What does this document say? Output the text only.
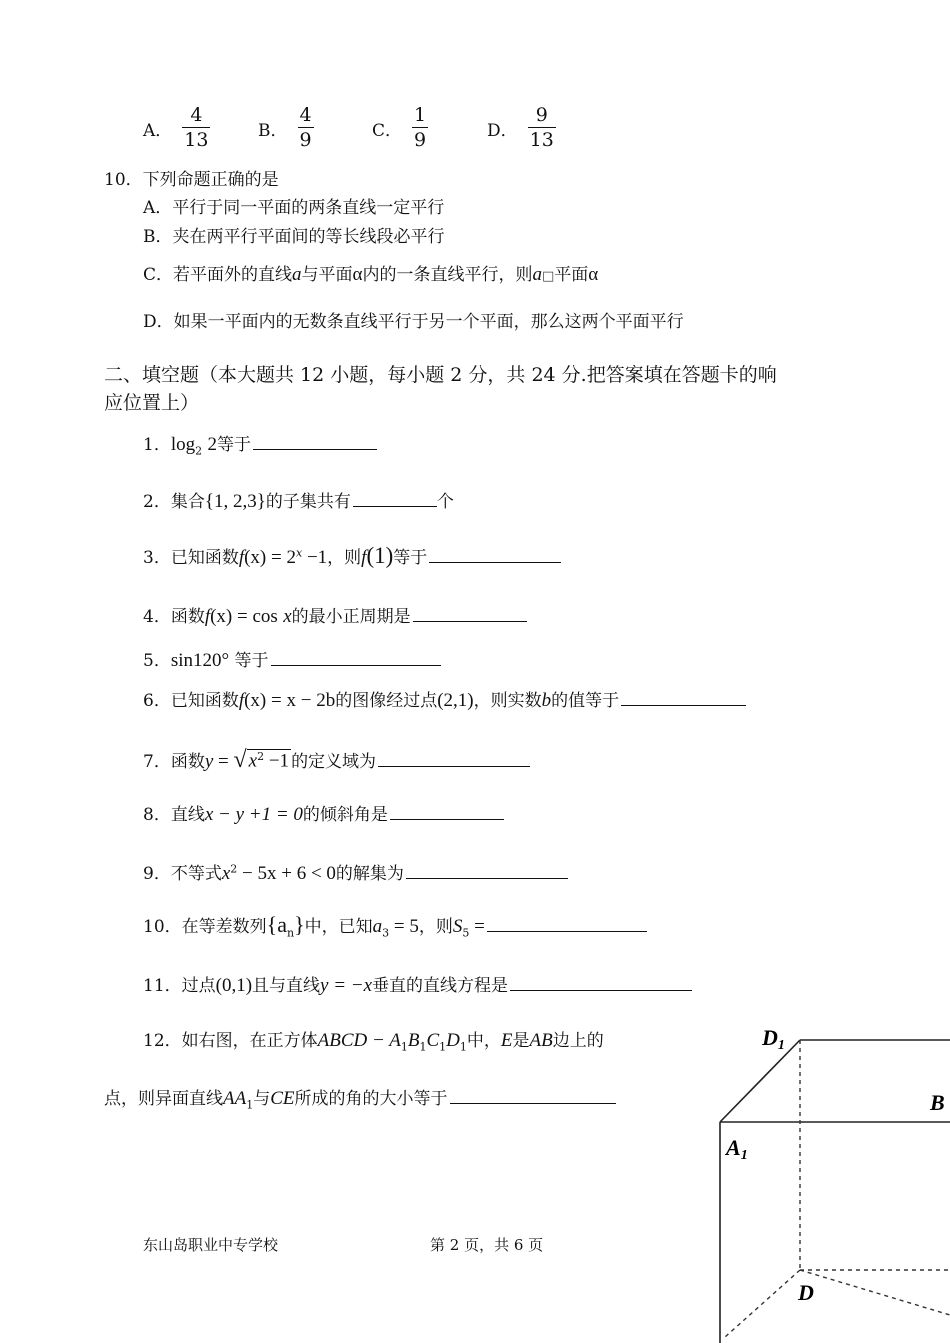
A． $\frac{4}{13}$	B． $\frac{4}{9}$	C． $\frac{1}{9}$	D． $\frac{9}{13}$
10．下列命题正确的是
A．平行于同一平面的两条直线一定平行
B．夹在两平行平面间的等长线段必平行
C．若平面外的直线a与平面α内的一条直线平行，则a□平面α
D．如果一平面内的无数条直线平行于另一个平面，那么这两个平面平行
二、填空题（本大题共 12 小题，每小题 2 分，共 24 分.把答案填在答题卡的响
应位置上）
1．$\log_2 2$等于
2．集合{1, 2,3}的子集共有	个
3．已知函数$f(x) = 2^x -1$，则f(1)等于
4．函数f(x) = cos x的最小正周期是
5．sin120° 等于
6．已知函数f(x) = x − 2b的图像经过点(2,1)，则实数b的值等于
7．函数y = √ $x^2 -1$ 的定义域为
8．直线x − y +1 = 0的倾斜角是
9．不等式$x^2 - 5x + 6 < 0$的解集为
10．在等差数列$\{a_n\}$中，已知$a_3 = 5$，则$S_5$ =
11．过点(0,1)且与直线y = −x垂直的直线方程是
12．如右图，在正方体ABCD − $A_1B_1C_1D_1$中，E是AB边上的
点，则异面直线$AA_1$与CE所成的角的大小等于
D1
B
A1
D
东山岛职业中专学校	第 2 页，共 6 页
